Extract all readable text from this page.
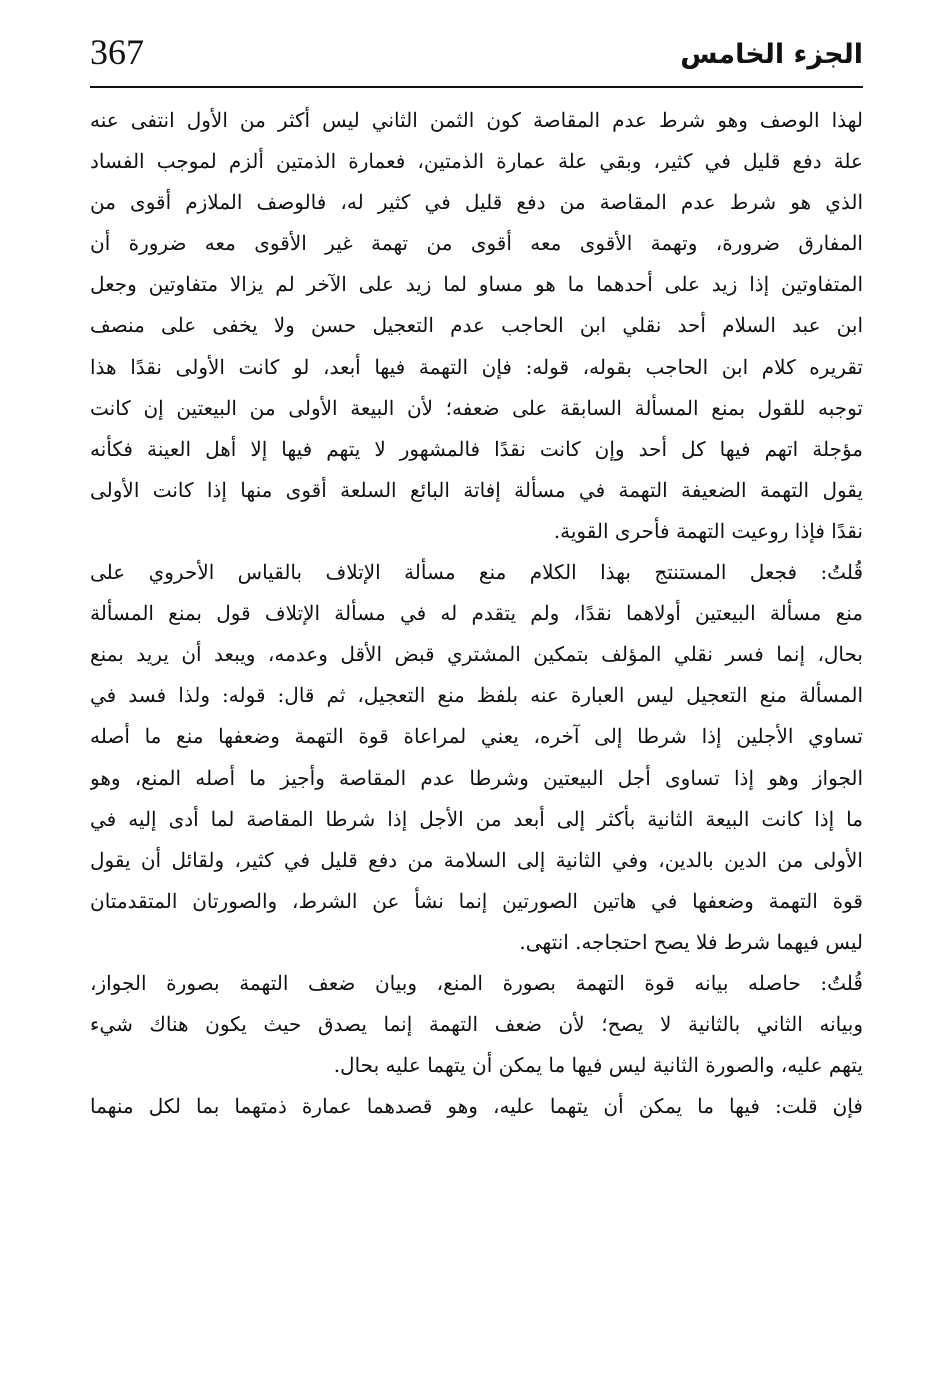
الجزء الخامس
367
لهذا الوصف وهو شرط عدم المقاصة كون الثمن الثاني ليس أكثر من الأول انتفى عنه
علة دفع قليل في كثير، وبقي علة عمارة الذمتين، فعمارة الذمتين ألزم لموجب الفساد
الذي هو شرط عدم المقاصة من دفع قليل في كثير له، فالوصف الملازم أقوى من
المفارق ضرورة، وتهمة الأقوى معه أقوى من تهمة غير الأقوى معه ضرورة أن
المتفاوتين إذا زيد على أحدهما ما هو مساو لما زيد على الآخر لم يزالا متفاوتين وجعل
ابن عبد السلام أحد نقلي ابن الحاجب عدم التعجيل حسن ولا يخفى على منصف
تقريره كلام ابن الحاجب بقوله، قوله: فإن التهمة فيها أبعد، لو كانت الأولى نقدًا هذا
توجبه للقول بمنع المسألة السابقة على ضعفه؛ لأن البيعة الأولى من البيعتين إن كانت
مؤجلة اتهم فيها كل أحد وإن كانت نقدًا فالمشهور لا يتهم فيها إلا أهل العينة فكأنه
يقول التهمة الضعيفة التهمة في مسألة إفاتة البائع السلعة أقوى منها إذا كانت الأولى
نقدًا فإذا روعيت التهمة فأحرى القوية.
قُلتُ: فجعل المستنتج بهذا الكلام منع مسألة الإتلاف بالقياس الأحروي على
منع مسألة البيعتين أولاهما نقدًا، ولم يتقدم له في مسألة الإتلاف قول بمنع المسألة
بحال، إنما فسر نقلي المؤلف بتمكين المشتري قبض الأقل وعدمه، ويبعد أن يريد بمنع
المسألة منع التعجيل ليس العبارة عنه بلفظ منع التعجيل، ثم قال: قوله: ولذا فسد في
تساوي الأجلين إذا شرطا إلى آخره، يعني لمراعاة قوة التهمة وضعفها منع ما أصله
الجواز وهو إذا تساوى أجل البيعتين وشرطا عدم المقاصة وأجيز ما أصله المنع، وهو
ما إذا كانت البيعة الثانية بأكثر إلى أبعد من الأجل إذا شرطا المقاصة لما أدى إليه في
الأولى من الدين بالدين، وفي الثانية إلى السلامة من دفع قليل في كثير، ولقائل أن يقول
قوة التهمة وضعفها في هاتين الصورتين إنما نشأ عن الشرط، والصورتان المتقدمتان
ليس فيهما شرط فلا يصح احتجاجه. انتهى.
قُلتُ: حاصله بيانه قوة التهمة بصورة المنع، وبيان ضعف التهمة بصورة الجواز،
وبيانه الثاني بالثانية لا يصح؛ لأن ضعف التهمة إنما يصدق حيث يكون هناك شيء
يتهم عليه، والصورة الثانية ليس فيها ما يمكن أن يتهما عليه بحال.
فإن قلت: فيها ما يمكن أن يتهما عليه، وهو قصدهما عمارة ذمتهما بما لكل منهما
